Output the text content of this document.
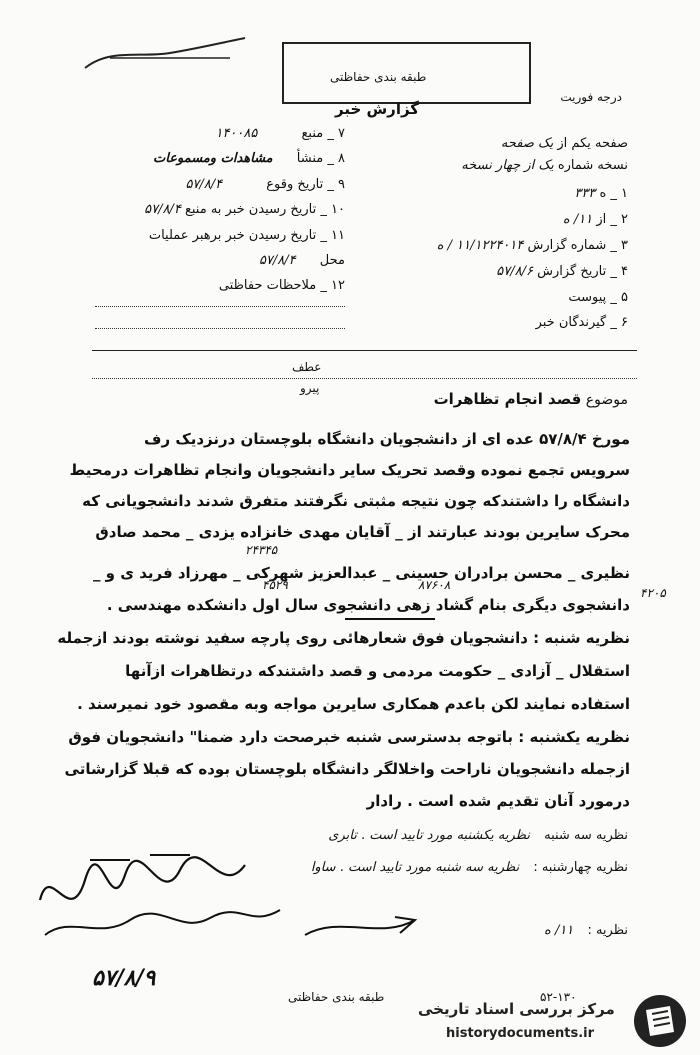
طبقه بندی حفاظتی
گزارش خبر
درجه فوریت
صفحه یکم از یک صفحه
نسخه شماره یک از چهار نسخه
۱ _ ه ۳۳۳
۲ _ از ۱۱/ ه
۳ _ شماره گزارش ۱۱/۱۲۲۴۰۱۴ / ه
۴ _ تاریخ گزارش ۵۷/۸/۶
۵ _ پیوست
۶ _ گیرندگان خبر
۷ _ منبع ۱۴۰۰۸۵
۸ _ منشأ مشاهدات ومسموعات
۹ _ تاریخ وقوع ۵۷/۸/۴
۱۰ _ تاریخ رسیدن خبر به منبع ۵۷/۸/۴
۱۱ _ تاریخ رسیدن خبر برهبر عملیات
محل ۵۷/۸/۴
۱۲ _ ملاحظات حفاظتی
عطف
پیرو
موضوع قصد انجام تظاهرات
مورخ ۵۷/۸/۴ عده ای از دانشجویان دانشگاه بلوچستان درنزدیک رف
سرویس تجمع نموده وقصد تحریک سایر دانشجویان وانجام تظاهرات درمحیط
دانشگاه را داشتندکه چون نتیجه مثبتی نگرفتند متفرق شدند دانشجویانی که
محرک سایرین بودند عبارتند از _ آقایان مهدی خانزاده یزدی _ محمد صادق
نظیری _ محسن برادران حسینی _ عبدالعزیز شهرکی _ مهرزاد فرید ی و _
دانشجوی دیگری بنام گشاد زهی دانشجوی سال اول دانشکده مهندسی .
نظریه شنبه : دانشجویان فوق شعارهائی روی پارچه سفید نوشته بودند ازجمله
استقلال _ آزادی _ حکومت مردمی و قصد داشتندکه درتظاهرات ازآنها
استفاده نمایند لکن باعدم همکاری سایرین مواجه وبه مقصود خود نمیرسند .
نظریه یکشنبه : باتوجه بدسترسی شنبه خبرصحت دارد ضمنا" دانشجویان فوق
ازجمله دانشجویان ناراحت واخلالگر دانشگاه بلوچستان بوده که قبلا گزارشاتی
درمورد آنان تقدیم شده است . رادار
۲۴۳۴۵
۴۵۲۹	۸۷۶۰۸
۴۲۰۵
نظریه سه شنبه نظریه یکشنبه مورد تایید است . تابری
نظریه چهارشنبه : نظریه سه شنبه مورد تایید است . ساوا
نظریه : ۱۱/ ه
۵۷/۸/۹
طبقه بندی حفاظتی	۵۲-۱۳۰
مرکز بررسی اسناد تاریخی
historydocuments.ir
